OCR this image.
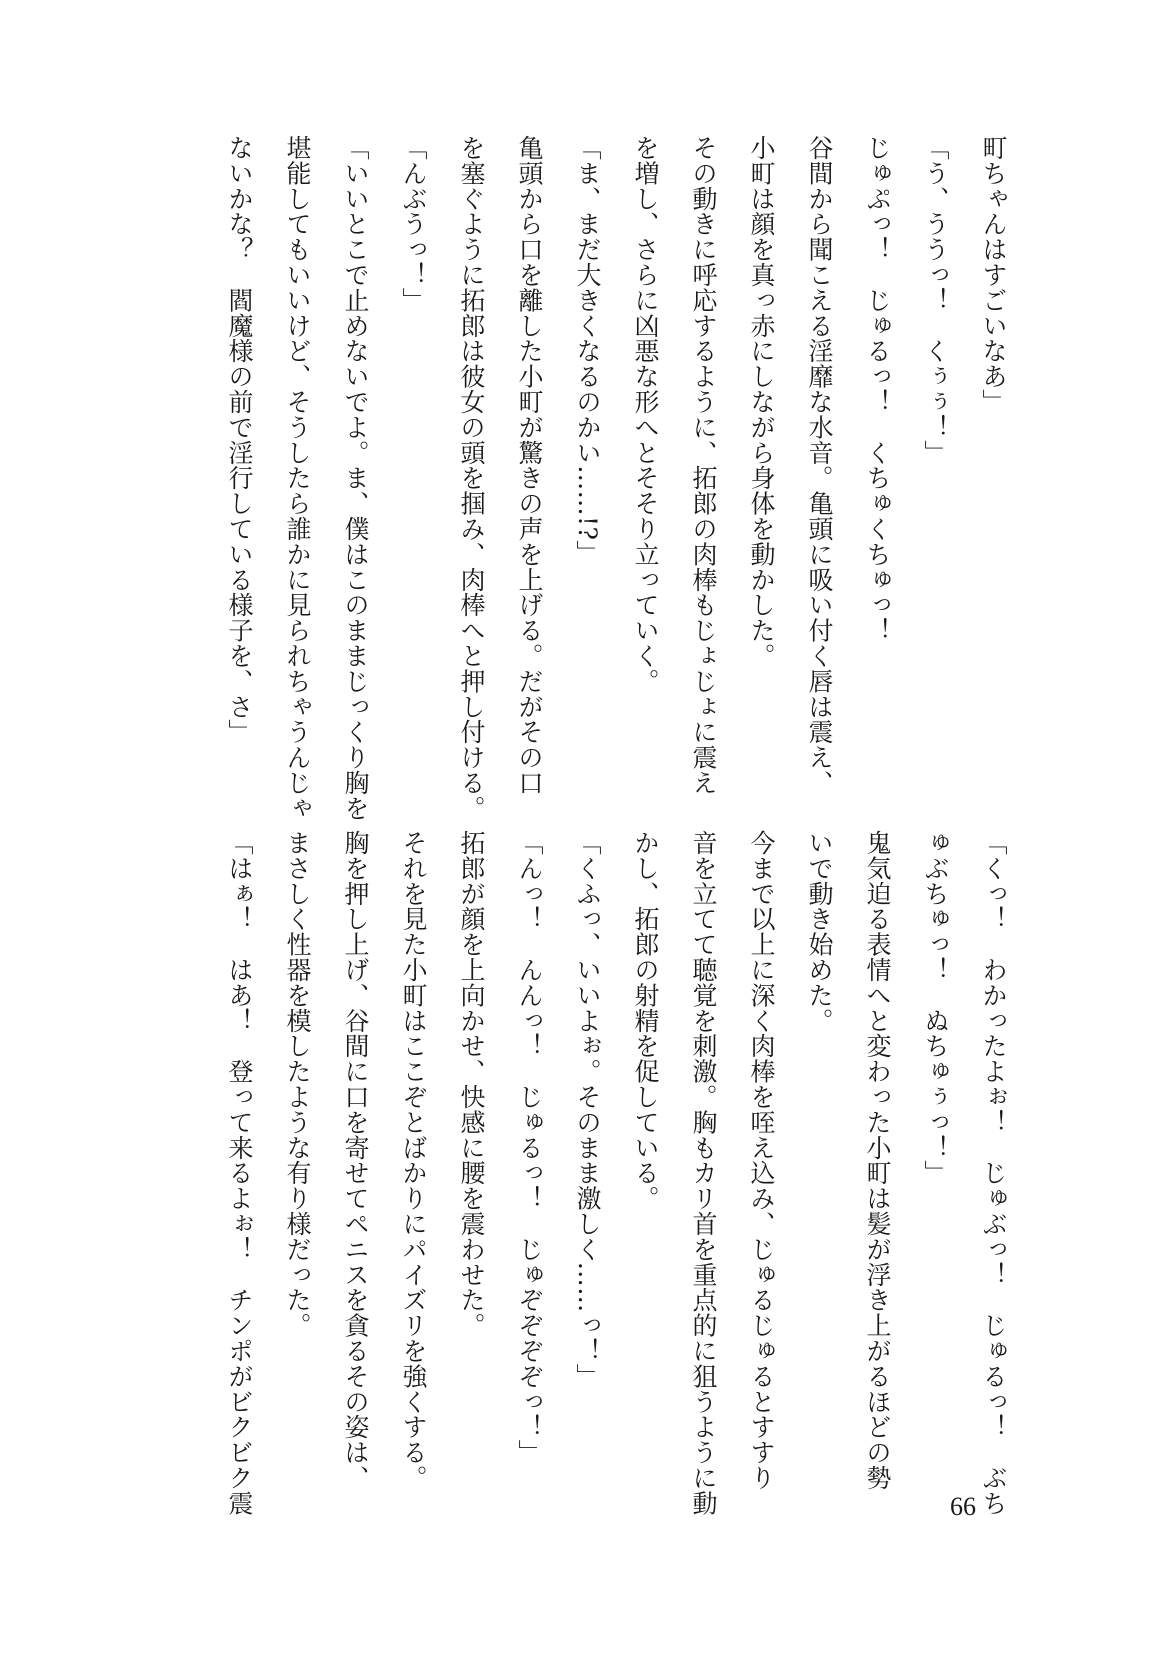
町ちゃんはすごいなあ」

「う、ううっ！　くぅぅ！」

じゅぷっ！　じゅるっ！　くちゅくちゅっ！

谷間から聞こえる淫靡な水音。亀頭に吸い付く唇は震え、

小町は顔を真っ赤にしながら身体を動かした。

その動きに呼応するように、拓郎の肉棒もじょじょに震え

を増し、さらに凶悪な形へとそそり立っていく。

「ま、まだ大きくなるのかい……!?」

亀頭から口を離した小町が驚きの声を上げる。だがその口

を塞ぐように拓郎は彼女の頭を掴み、肉棒へと押し付ける。

「んぶうっ！」

「いいとこで止めないでよ。ま、僕はこのままじっくり胸を

堪能してもいいけど、そうしたら誰かに見られちゃうんじゃ

ないかな？　閻魔様の前で淫行している様子を、さ」

「くっ！　わかったよぉ！　じゅぶっ！　じゅるっ！　ぶち

ゅぶちゅっ！　ぬちゅぅっ！」

鬼気迫る表情へと変わった小町は髪が浮き上がるほどの勢

いで動き始めた。

今まで以上に深く肉棒を咥え込み、じゅるじゅるとすすり

音を立てて聴覚を刺激。胸もカリ首を重点的に狙うように動

かし、拓郎の射精を促している。

「くふっ、いいよぉ。そのまま激しく……っ！」

「んっ！　んんっ！　じゅるっ！　じゅぞぞぞぞっ！」

拓郎が顔を上向かせ、快感に腰を震わせた。

それを見た小町はここぞとばかりにパイズリを強くする。

胸を押し上げ、谷間に口を寄せてペニスを貪るその姿は、

まさしく性器を模したような有り様だった。

「はぁ！　はあ！　登って来るよぉ！　チンポがビクビク震	66
